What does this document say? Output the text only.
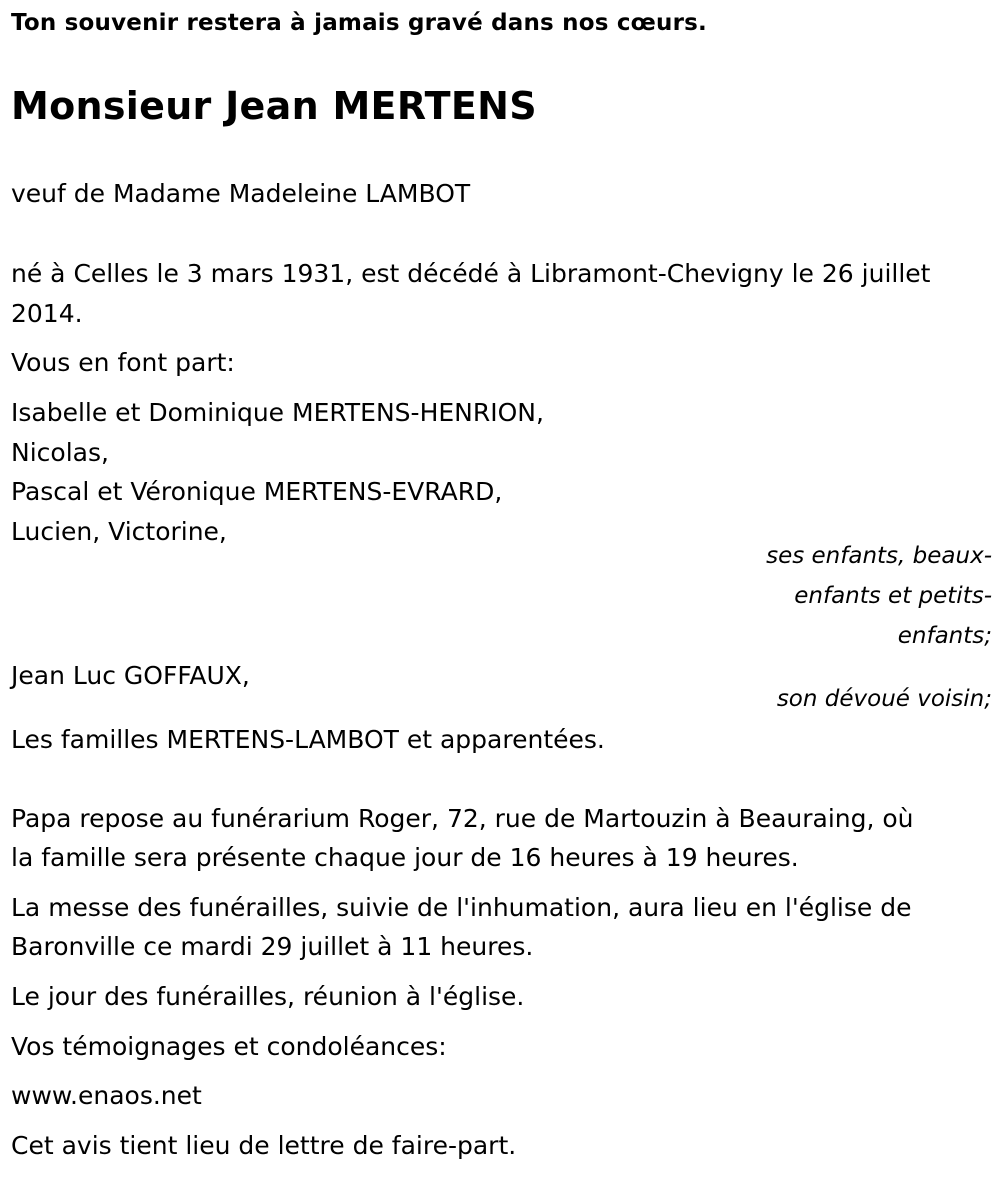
Ton souvenir restera à jamais gravé dans nos cœurs.
Monsieur Jean MERTENS
veuf de Madame Madeleine LAMBOT
né à Celles le 3 mars 1931, est décédé à Libramont-Chevigny le 26 juillet
2014.
Vous en font part:
Isabelle et Dominique MERTENS-HENRION,
Nicolas,
Pascal et Véronique MERTENS-EVRARD,
Lucien, Victorine,
ses enfants, beaux-
enfants et petits-
enfants;
Jean Luc GOFFAUX,
son dévoué voisin;
Les familles MERTENS-LAMBOT et apparentées.
Papa repose au funérarium Roger, 72, rue de Martouzin à Beauraing, où
la famille sera présente chaque jour de 16 heures à 19 heures.
La messe des funérailles, suivie de l'inhumation, aura lieu en l'église de
Baronville ce mardi 29 juillet à 11 heures.
Le jour des funérailles, réunion à l'église.
Vos témoignages et condoléances:
www.enaos.net
Cet avis tient lieu de lettre de faire-part.
